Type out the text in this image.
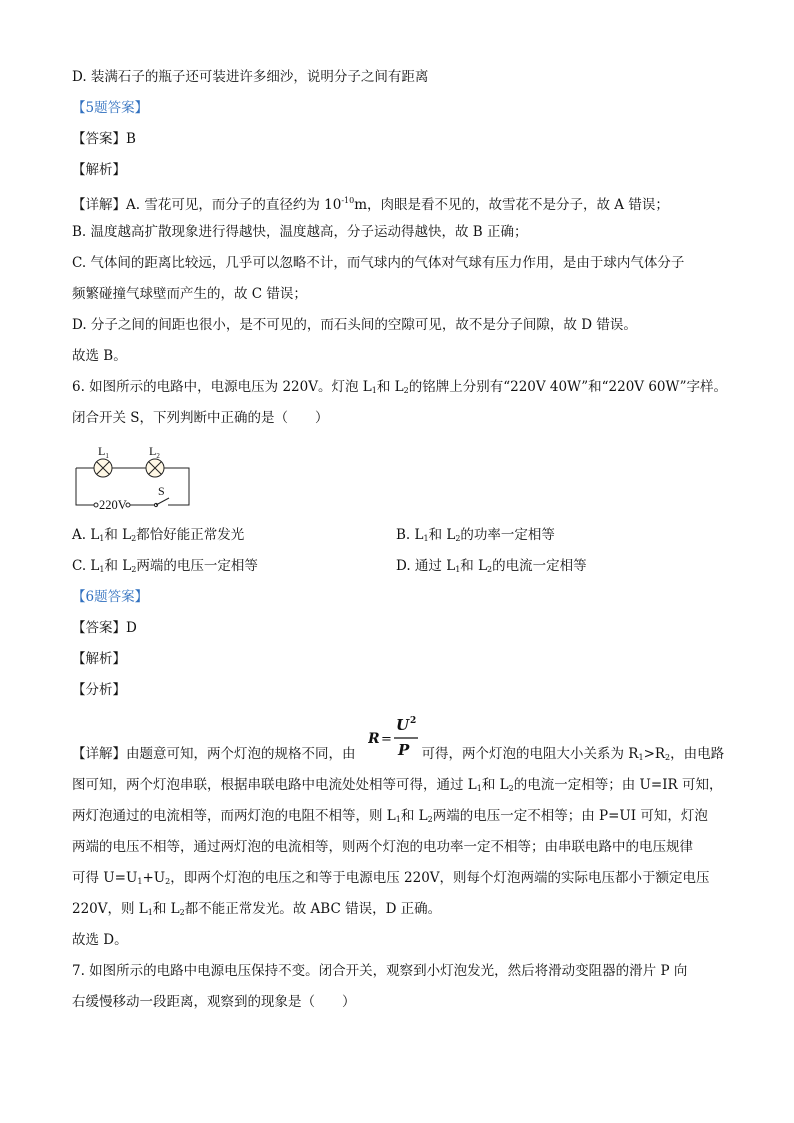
D. 装满石子的瓶子还可装进许多细沙，说明分子之间有距离
【5题答案】
【答案】B
【解析】
【详解】A. 雪花可见，而分子的直径约为 $10^{-10}m$，肉眼是看不见的，故雪花不是分子，故 A 错误；
B. 温度越高扩散现象进行得越快，温度越高，分子运动得越快，故 B 正确；
C. 气体间的距离比较远，几乎可以忽略不计，而气球内的气体对气球有压力作用，是由于球内气体分子
频繁碰撞气球壁而产生的，故 C 错误；
D. 分子之间的间距也很小，是不可见的，而石头间的空隙可见，故不是分子间隙，故 D 错误。
故选 B。
6. 如图所示的电路中，电源电压为 220V。灯泡 $L_1$和 $L_2$的铭牌上分别有“220V 40W”和“220V 60W”字样。
闭合开关 S，下列判断中正确的是（　　）
$L_1$	$L_2$
220V
S
A. $L_1$和 $L_2$都恰好能正常发光	B. $L_1$和 $L_2$的功率一定相等
C. $L_1$和 $L_2$两端的电压一定相等	D. 通过 $L_1$和 $L_2$的电流一定相等
【6题答案】
【答案】D
【解析】
【分析】
R =
U 2
P
【详解】由题意可知，两个灯泡的规格不同，由	可得，两个灯泡的电阻大小关系为 $R_1>R_2$，由电路
图可知，两个灯泡串联，根据串联电路中电流处处相等可得，通过 $L_1$和 $L_2$的电流一定相等；由 U=IR 可知，
两灯泡通过的电流相等，而两灯泡的电阻不相等，则 $L_1$和 $L_2$两端的电压一定不相等；由 P=UI 可知，灯泡
两端的电压不相等，通过两灯泡的电流相等，则两个灯泡的电功率一定不相等；由串联电路中的电压规律
可得 $U=U_1+U_2$，即两个灯泡的电压之和等于电源电压 220V，则每个灯泡两端的实际电压都小于额定电压
220V，则 $L_1$和 $L_2$都不能正常发光。故 ABC 错误，D 正确。
故选 D。
7. 如图所示的电路中电源电压保持不变。闭合开关，观察到小灯泡发光，然后将滑动变阻器的滑片 P 向
右缓慢移动一段距离，观察到的现象是（　　）
